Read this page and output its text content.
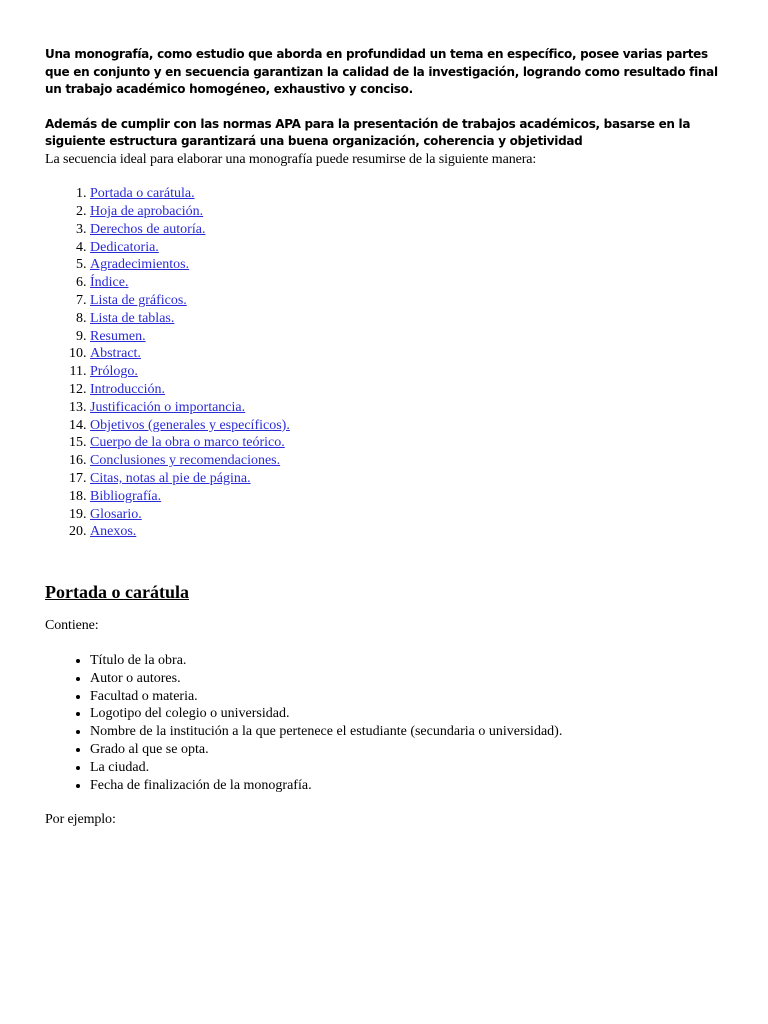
Una monografía, como estudio que aborda en profundidad un tema en específico, posee varias partes que en conjunto y en secuencia garantizan la calidad de la investigación, logrando como resultado final un trabajo académico homogéneo, exhaustivo y conciso.

Además de cumplir con las normas APA para la presentación de trabajos académicos, basarse en la siguiente estructura garantizará una buena organización, coherencia y objetividad

La secuencia ideal para elaborar una monografía puede resumirse de la siguiente manera:

1. Portada o carátula.
2. Hoja de aprobación.
3. Derechos de autoría.
4. Dedicatoria.
5. Agradecimientos.
6. Índice.
7. Lista de gráficos.
8. Lista de tablas.
9. Resumen.
10. Abstract.
11. Prólogo.
12. Introducción.
13. Justificación o importancia.
14. Objetivos (generales y específicos).
15. Cuerpo de la obra o marco teórico.
16. Conclusiones y recomendaciones.
17. Citas, notas al pie de página.
18. Bibliografía.
19. Glosario.
20. Anexos.
Portada o carátula

Contiene:

• Título de la obra.
• Autor o autores.
• Facultad o materia.
• Logotipo del colegio o universidad.
• Nombre de la institución a la que pertenece el estudiante (secundaria o universidad).
• Grado al que se opta.
• La ciudad.
• Fecha de finalización de la monografía.

Por ejemplo:
